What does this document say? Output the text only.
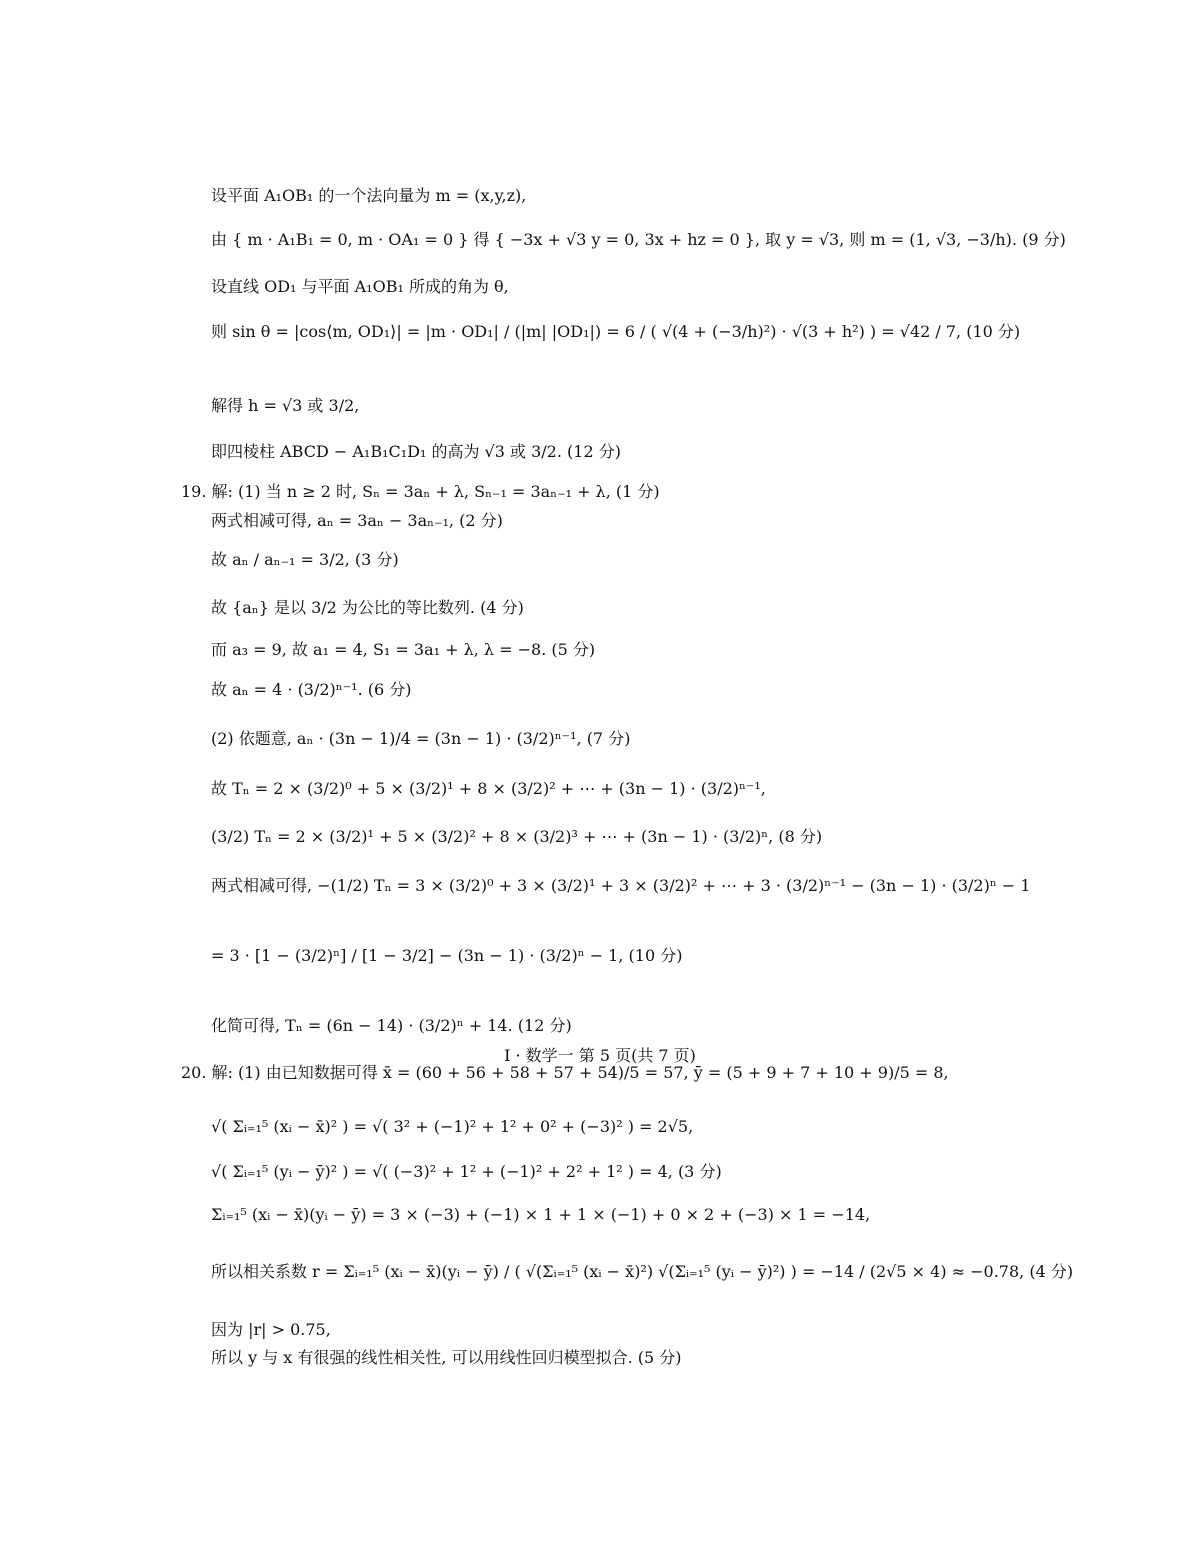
设平面 A₁OB₁ 的一个法向量为 m = (x,y,z),
由 { m · A₁B₁ = 0, m · OA₁ = 0 } 得 { −3x + √3 y = 0, 3x + hz = 0 }, 取 y = √3, 则 m = (1, √3, −3/h). (9 分)
设直线 OD₁ 与平面 A₁OB₁ 所成的角为 θ,
则 sin θ = |cos⟨m, OD₁⟩| = |m · OD₁| / (|m| |OD₁|) = 6 / ( √(4 + (−3/h)²) · √(3 + h²) ) = √42 / 7, (10 分)
解得 h = √3 或 3/2,
即四棱柱 ABCD − A₁B₁C₁D₁ 的高为 √3 或 3/2. (12 分)
19. 解: (1) 当 n ≥ 2 时, Sₙ = 3aₙ + λ, Sₙ₋₁ = 3aₙ₋₁ + λ, (1 分)
两式相减可得, aₙ = 3aₙ − 3aₙ₋₁, (2 分)
故 aₙ / aₙ₋₁ = 3/2, (3 分)
故 {aₙ} 是以 3/2 为公比的等比数列. (4 分)
而 a₃ = 9, 故 a₁ = 4, S₁ = 3a₁ + λ, λ = −8. (5 分)
故 aₙ = 4 · (3/2)ⁿ⁻¹. (6 分)
(2) 依题意, aₙ · (3n − 1)/4 = (3n − 1) · (3/2)ⁿ⁻¹, (7 分)
故 Tₙ = 2 × (3/2)⁰ + 5 × (3/2)¹ + 8 × (3/2)² + ⋯ + (3n − 1) · (3/2)ⁿ⁻¹,
(3/2) Tₙ = 2 × (3/2)¹ + 5 × (3/2)² + 8 × (3/2)³ + ⋯ + (3n − 1) · (3/2)ⁿ, (8 分)
两式相减可得, −(1/2) Tₙ = 3 × (3/2)⁰ + 3 × (3/2)¹ + 3 × (3/2)² + ⋯ + 3 · (3/2)ⁿ⁻¹ − (3n − 1) · (3/2)ⁿ − 1
= 3 · [1 − (3/2)ⁿ] / [1 − 3/2] − (3n − 1) · (3/2)ⁿ − 1, (10 分)
化简可得, Tₙ = (6n − 14) · (3/2)ⁿ + 14. (12 分)
20. 解: (1) 由已知数据可得 x̄ = (60 + 56 + 58 + 57 + 54)/5 = 57, ȳ = (5 + 9 + 7 + 10 + 9)/5 = 8,
√( Σᵢ₌₁⁵ (xᵢ − x̄)² ) = √( 3² + (−1)² + 1² + 0² + (−3)² ) = 2√5,
√( Σᵢ₌₁⁵ (yᵢ − ȳ)² ) = √( (−3)² + 1² + (−1)² + 2² + 1² ) = 4, (3 分)
Σᵢ₌₁⁵ (xᵢ − x̄)(yᵢ − ȳ) = 3 × (−3) + (−1) × 1 + 1 × (−1) + 0 × 2 + (−3) × 1 = −14,
所以相关系数 r = Σᵢ₌₁⁵ (xᵢ − x̄)(yᵢ − ȳ) / ( √(Σᵢ₌₁⁵ (xᵢ − x̄)²) √(Σᵢ₌₁⁵ (yᵢ − ȳ)²) ) = −14 / (2√5 × 4) ≈ −0.78, (4 分)
因为 |r| > 0.75,
所以 y 与 x 有很强的线性相关性, 可以用线性回归模型拟合. (5 分)
Ⅰ · 数学一 第 5 页(共 7 页)
